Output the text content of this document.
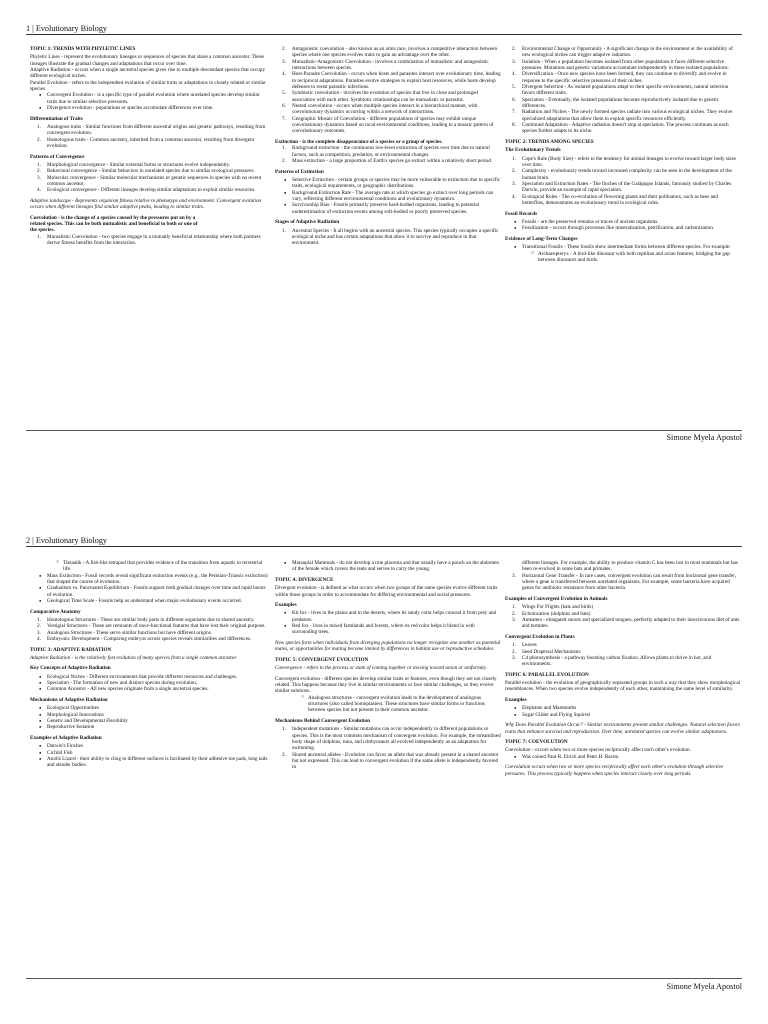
1 | Evolutionary Biology
TOPIC 1: TRENDS WITH PHYLETIC LINES
Phyletic Lines - represent the evolutionary lineages or sequences of species that share a common ancestor. These lineages illustrate the gradual changes and adaptations that occur over time.
Adaptive Radiation - occurs when a single ancestral species gives rise to multiple descendant species that occupy different ecological niches.
Parallel Evolution - refers to the independent evolution of similar traits or adaptations in closely related or similar species.
● Convergent Evolution - is a specific type of parallel evolution where unrelated species develop similar traits due to similar selective pressures.
● Divergence evolution - populations or species accumulate differences over time.
Differentiation of Traits
1. Analogous traits - Similar functions from different ancestral origins and genetic pathways, resulting from convergent evolution.
2. Homologous traits - Common ancestry, inherited from a common ancestor, resulting from divergent evolution.
Patterns of Convergence
1. Morphological convergence - Similar external forms or structures evolve independently.
2. Behavioral convergence - Similar behaviors in unrelated species due to similar ecological pressures.
3. Molecular convergence - Similar molecular mechanisms or genetic sequences in species with no recent common ancestor.
4. Ecological convergence - Different lineages develop similar adaptations to exploit similar resources.
Adaptive landscape - Represents organism fitness relative to phenotype and environment. Convergent evolution occurs when different lineages find similar adaptive peaks, leading to similar traits.
Coevolution - is the change of a species caused by the pressures put on by a
related species. This can be both mutualistic and beneficial to both or one of
the species.
1. Mutualistic Coevolution - two species engage in a mutually beneficial relationship where both partners derive fitness benefits from the interaction.
2. Antagonistic coevolution - also known as an arms race, involves a competitive interaction between species where one species evolves traits to gain an advantage over the other.
3. Mutualistic-Antagonistic Coevolution - involves a combination of mutualistic and antagonistic interactions between species.
4. Host-Parasite Coevolution - occurs when hosts and parasites interact over evolutionary time, leading to reciprocal adaptations. Parasites evolve strategies to exploit host resources, while hosts develop defenses to resist parasitic infections.
5. Symbiotic coevolution - involves the evolution of species that live in close and prolonged association with each other. Symbiotic relationships can be mutualistic or parasitic.
6. Nested coevolution - occurs when multiple species interact in a hierarchical manner, with coevolutionary dynamics occurring within a network of interactions.
7. Geographic Mosaic of Coevolution - different populations of species may exhibit unique coevolutionary dynamics based on local environmental conditions, leading to a mosaic pattern of coevolutionary outcomes.
Extinction - is the complete disappearance of a species or a group of species.
1. Background extinction - the continuous low-level extinction of species over time due to natural factors, such as competition, predation, or environmental changes.
2. Mass extinction - a large proportion of Earth's species go extinct within a relatively short period.
Patterns of Extinction
● Selective Extinction - certain groups or species may be more vulnerable to extinction due to specific traits, ecological requirements, or geographic distributions.
● Background Extinction Rate - The average rate at which species go extinct over long periods can vary, reflecting different environmental conditions and evolutionary dynamics.
● Survivorship Bias - Fossils primarily preserve hard-bodied organisms, leading to potential underestimation of extinction events among soft-bodied or poorly preserved species.
Stages of Adaptive Radiation
1. Ancestral Species - It all begins with an ancestral species. This species typically occupies a specific ecological niche and has certain adaptations that allow it to survive and reproduce in that environment.
2. Environmental Change or Opportunity - A significant change in the environment or the availability of new ecological niches can trigger adaptive radiation.
3. Isolation - When a population becomes isolated from other populations it faces different selective pressures. Mutations and genetic variations accumulate independently in these isolated populations.
4. Diversification - Once new species have been formed, they can continue to diversify and evolve in response to the specific selective pressures of their niches.
5. Divergent Selection - As isolated populations adapt to their specific environments, natural selection favors different traits.
6. Speciation - Eventually, the isolated populations become reproductively isolated due to genetic differences.
7. Radiation and Niches - The newly formed species radiate into various ecological niches. They evolve specialized adaptations that allow them to exploit specific resources efficiently.
8. Continued Adaptation - Adaptive radiation doesn't stop at speciation. The process continues as each species further adapts to its niche.
TOPIC 2: TRENDS AMONG SPECIES
The Evolutionary Trends
1. Cope's Rule (Body Size) - refers to the tendency for animal lineages to evolve toward larger body sizes over time.
2. Complexity - evolutionary trends toward increased complexity can be seen in the development of the human brain.
3. Speciation and Extinction Rates - The finches of the Galápagos Islands, famously studied by Charles Darwin, provide an example of rapid speciation.
4. Ecological Roles - The co-evolution of flowering plants and their pollinators, such as bees and butterflies, demonstrates an evolutionary trend in ecological roles.
Fossil Records
● Fossils - are the preserved remains or traces of ancient organisms.
● Fossilization - occurs through processes like mineralization, petrification, and carbonization.
Evidence of Long-Term Changes
● Transitional Fossils - These fossils show intermediate forms between different species. For example:
○ Archaeopteryx - A bird-like dinosaur with both reptilian and avian features, bridging the gap between dinosaurs and birds.
Simone Myela Apostol
2 | Evolutionary Biology
○ Tiktaalik - A fish-like tetrapod that provides evidence of the transition from aquatic to terrestrial life.
● Mass Extinction - Fossil records reveal significant extinction events (e.g., the Permian-Triassic extinction) that shaped the course of evolution.
● Gradualism vs. Punctuated Equilibrium - Fossils support both gradual changes over time and rapid bursts of evolution.
● Geological Time Scale - Fossils help us understand when major evolutionary events occurred.
Comparative Anatomy
1. Homologous Structures - These are similar body parts in different organisms due to shared ancestry.
2. Vestigial Structures - These are remnants of once-functional features that have lost their original purpose.
3. Analogous Structures - These serve similar functions but have different origins.
4. Embryonic Development - Comparing embryos across species reveals similarities and differences.
TOPIC 3: ADAPTIVE RADIATION
Adaptive Radiation - is the relatively fast evolution of many species from a single common ancestor.
Key Concepts of Adaptive Radiation
● Ecological Niches - Different environments that provide different resources and challenges.
● Speciation - The formation of new and distinct species during evolution.
● Common Ancestor - All new species originate from a single ancestral species.
Mechanisms of Adaptive Radiation
● Ecological Opportunities
● Morphological Innovations
● Genetic and Developmental Flexibility
● Reproductive Isolation
Examples of Adaptive Radiation
● Darwin's Finches
● Cichlid Fish
● Anolis Lizard - their ability to cling to different surfaces is facilitated by their adhesive toe pads, long tails and slender bodies.
● Marsupial Mammals - do not develop a true placenta and that usually have a pouch on the abdomen of the female which covers the teats and serves to carry the young.
TOPIC 4: DIVERGENCE
Divergent evolution - is defined as what occurs when two groups of the same species evolve different traits within those groups in order to accommodate for differing environmental and social pressures.
Examples
● Kit fox - lives in the plains and in the deserts, where its sandy color helps conceal it from prey and predators.
● Red fox - lives in mixed farmlands and forests, where its red color helps it blend in with surrounding trees.
New species form when individuals from diverging populations no longer recognize one another as potential mates, or opportunities for mating become limited by differences in habitat use or reproductive schedules
TOPIC 5: CONVERGENT EVOLUTION
Convergence - refers to the process or state of coming together or moving toward union or uniformity.
Convergent evolution - different species develop similar traits or features, even though they are not closely related. This happens because they live in similar environments or face similar challenges, so they evolve similar solutions.
○ Analogous structures - convergent evolution leads to the development of analogous structures (also called homoplasies). These structures have similar forms or functions between species but not present in their common ancestor.
Mechanisms Behind Convergent Evolution
1. Independent mutations - Similar mutations can occur independently in different populations or species. This is the most common mechanism of convergent evolution. For example, the streamlined body shape of dolphins, tuna, and ichthyosaurs all evolved independently as an adaptation for swimming.
2. Shared ancestral alleles - Evolution can favor an allele that was already present in a shared ancestor but not expressed. This can lead to convergent evolution if the same allele is independently favored in
different lineages. For example, the ability to produce vitamin C has been lost in most mammals but has been re-evolved in some bats and primates.
3. Horizontal Gene Transfer - In rare cases, convergent evolution can result from horizontal gene transfer, where a gene is transferred between unrelated organisms. For example, some bacteria have acquired genes for antibiotic resistance from other bacteria.
Examples of Convergent Evolution in Animals
1. Wings For Flights (bats and birds)
2. Echolocation (dolphins and bats)
3. Anteaters - elongated snouts and specialized tongues, perfectly adapted to their insectivorous diet of ants and termites.
Convergent Evolution in Plants
1. Leaves
2. Seed Dispersal Mechanisms
3. C4 photosynthesis - a pathway boosting carbon fixation. Allows plants to thrive in hot, arid environments.
TOPIC 6: PARALLEL EVOLUTION
Parallel evolution - the evolution of geographically separated groups in such a way that they show morphological resemblances. When two species evolve independently of each other, maintaining the same level of similarity.
Examples
● Elephants and Mammoths
● Sugar Glider and Flying Squirrel
Why Does Parallel Evolution Occur? - Similar environments present similar challenges. Natural selection favors traits that enhance survival and reproduction. Over time, unrelated species can evolve similar adaptations.
TOPIC 7: COEVOLUTION
Coevolution - occurs when two or more species reciprocally affect each other's evolution.
● Was coined Paul R. Elrich and Peter H. Raven.
Coevolution occurs when two or more species reciprocally affect each other's evolution through selective pressures. This process typically happens when species interact closely over long periods.
Simone Myela Apostol
